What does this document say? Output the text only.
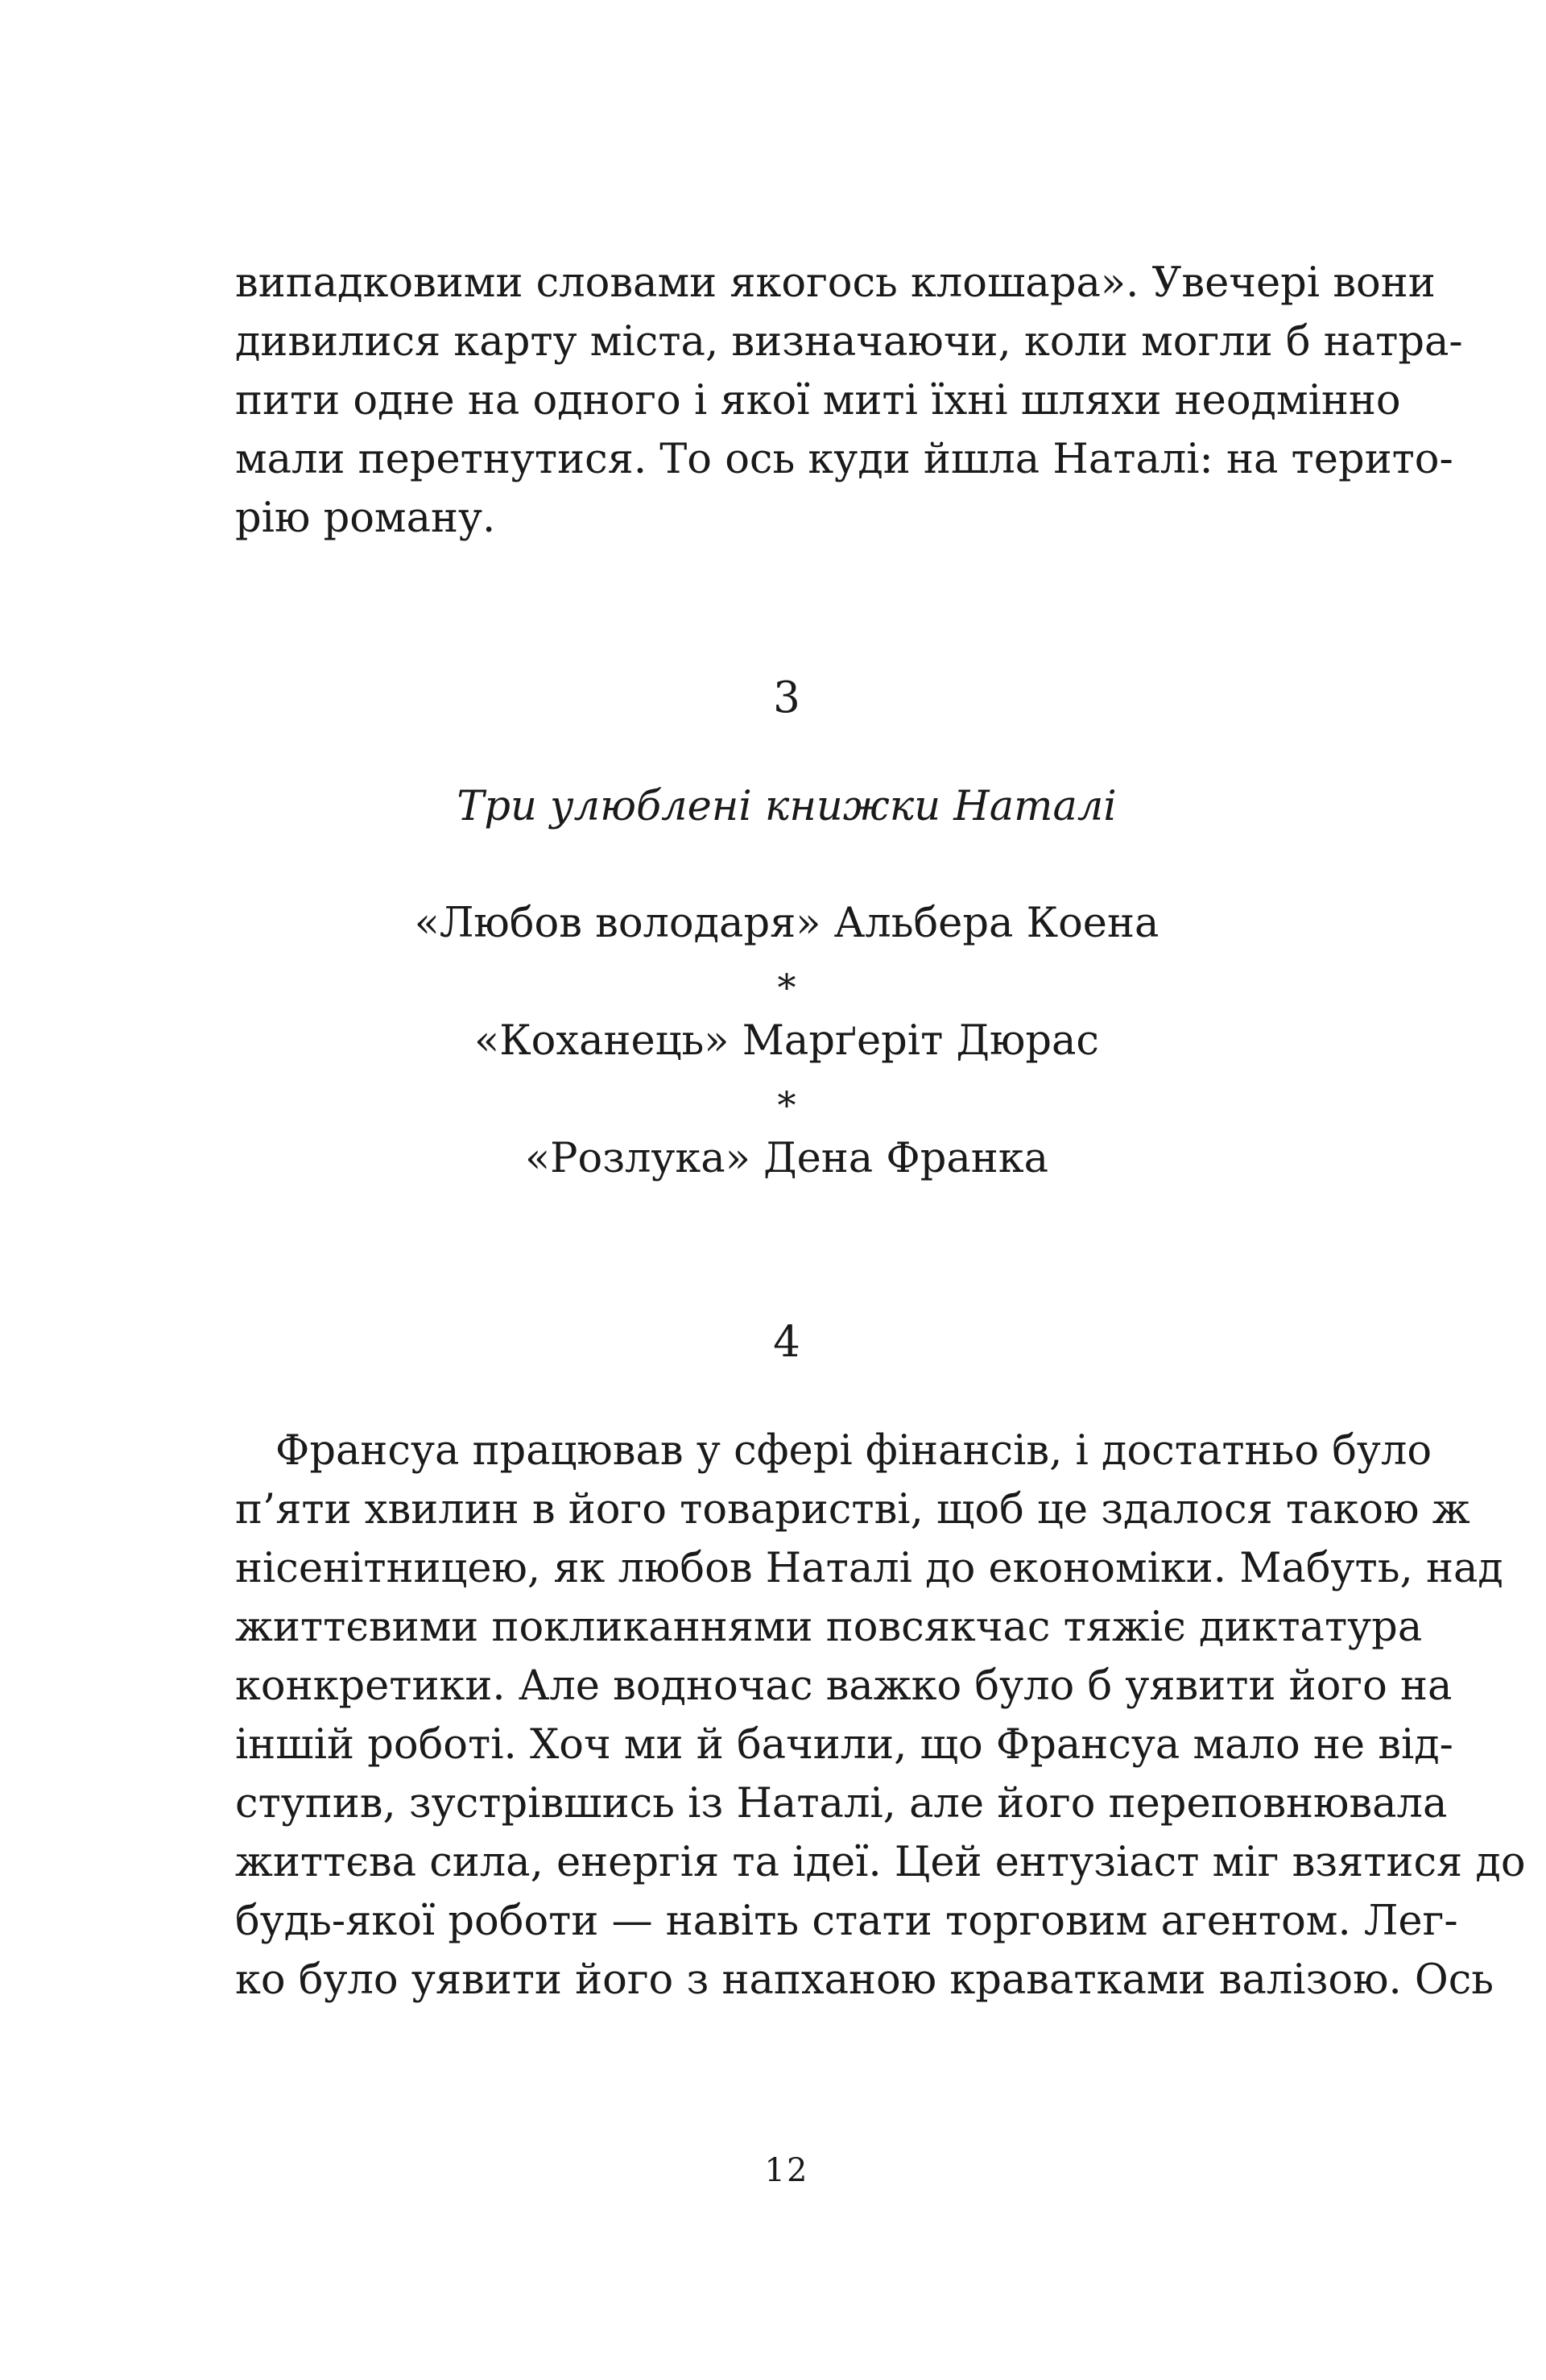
випадковими словами якогось клошара». Увечері вони
дивилися карту міста, визначаючи, коли могли б натра-
пити одне на одного і якої миті їхні шляхи неодмінно
мали перетнутися. То ось куди йшла Наталі: на терито-
рію роману.
3
Три улюблені книжки Наталі
«Любов володаря» Альбера Коена
*
«Коханець» Марґеріт Дюрас
*
«Розлука» Дена Франка
4
Франсуа працював у сфері фінансів, і достатньо було
п’яти хвилин в його товаристві, щоб це здалося такою ж
нісенітницею, як любов Наталі до економіки. Мабуть, над
життєвими покликаннями повсякчас тяжіє диктатура
конкретики. Але водночас важко було б уявити його на
іншій роботі. Хоч ми й бачили, що Франсуа мало не від-
ступив, зустрівшись із Наталі, але його переповнювала
життєва сила, енергія та ідеї. Цей ентузіаст міг взятися до
будь-якої роботи — навіть стати торговим агентом. Лег-
ко було уявити його з напханою краватками валізою. Ось
12
